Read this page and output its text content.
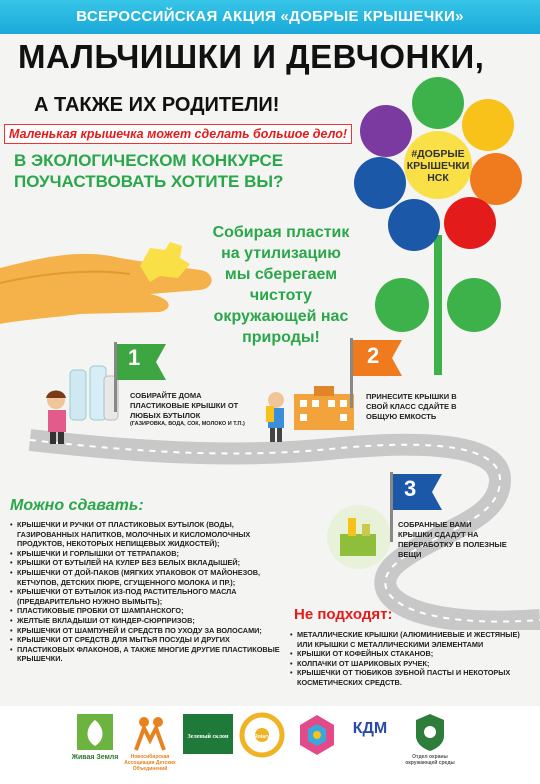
ВСЕРОССИЙСКАЯ АКЦИЯ «ДОБРЫЕ КРЫШЕЧКИ»
МАЛЬЧИШКИ И ДЕВЧОНКИ,
А ТАКЖЕ ИХ РОДИТЕЛИ!
Маленькая крышечка может сделать большое дело!
В ЭКОЛОГИЧЕСКОМ КОНКУРСЕ ПОУЧАСТВОВАТЬ ХОТИТЕ ВЫ?
Собирая пластик на утилизацию мы сберегаем чистоту окружающей нас природы!
#ДОБРЫЕ КРЫШЕЧКИ НСК
1
СОБИРАЙТЕ ДОМА ПЛАСТИКОВЫЕ КРЫШКИ ОТ ЛЮБЫХ БУТЫЛОК
(ГАЗИРОВКА, ВОДА, СОК, МОЛОКО И Т.П.)
2
ПРИНЕСИТЕ КРЫШКИ В СВОЙ КЛАСС СДАЙТЕ В ОБЩУЮ ЕМКОСТЬ
3
СОБРАННЫЕ ВАМИ КРЫШКИ СДАДУТ НА ПЕРЕРАБОТКУ В ПОЛЕЗНЫЕ ВЕЩИ
Можно сдавать:
• КРЫШЕЧКИ И РУЧКИ ОТ ПЛАСТИКОВЫХ БУТЫЛОК (ВОДЫ, ГАЗИРОВАННЫХ НАПИТКОВ, МОЛОЧНЫХ И КИСЛОМОЛОЧНЫХ ПРОДУКТОВ, НЕКОТОРЫХ НЕПИЩЕВЫХ ЖИДКОСТЕЙ);
• КРЫШЕЧКИ И ГОРЛЫШКИ ОТ ТЕТРАПАКОВ;
• КРЫШКИ ОТ БУТЫЛЕЙ НА КУЛЕР БЕЗ БЕЛЫХ ВКЛАДЫШЕЙ;
• КРЫШЕЧКИ ОТ ДОЙ-ПАКОВ (МЯГКИХ УПАКОВОК ОТ МАЙОНЕЗОВ, КЕТЧУПОВ, ДЕТСКИХ ПЮРЕ, СГУЩЕННОГО МОЛОКА И ПР.);
• КРЫШЕЧКИ ОТ БУТЫЛОК ИЗ-ПОД РАСТИТЕЛЬНОГО МАСЛА (ПРЕДВАРИТЕЛЬНО НУЖНО ВЫМЫТЬ);
• ПЛАСТИКОВЫЕ ПРОБКИ ОТ ШАМПАНСКОГО;
• ЖЕЛТЫЕ ВКЛАДЫШИ ОТ КИНДЕР-СЮРПРИЗОВ;
• КРЫШЕЧКИ ОТ ШАМПУНЕЙ И СРЕДСТВ ПО УХОДУ ЗА ВОЛОСАМИ;
• КРЫШЕЧКИ ОТ СРЕДСТВ ДЛЯ МЫТЬЯ ПОСУДЫ И ДРУГИХ
• ПЛАСТИКОВЫХ ФЛАКОНОВ, А ТАКЖЕ МНОГИЕ ДРУГИЕ ПЛАСТИКОВЫЕ КРЫШЕЧКИ.
Не подходят:
• МЕТАЛЛИЧЕСКИЕ КРЫШКИ (АЛЮМИНИЕВЫЕ И ЖЕСТЯНЫЕ) ИЛИ КРЫШКИ С МЕТАЛЛИЧЕСКИМИ ЭЛЕМЕНТАМИ
• КРЫШКИ ОТ КОФЕЙНЫХ СТАКАНОВ;
• КОЛПАЧКИ ОТ ШАРИКОВЫХ РУЧЕК;
• КРЫШЕЧКИ ОТ ТЮБИКОВ ЗУБНОЙ ПАСТЫ И НЕКОТОРЫХ КОСМЕТИЧЕСКИХ СРЕДСТВ.
Живая Земля	Новосибирская Ассоциация Детских Объединений
Зеленый склон	Rotary	КДМ
Отдел охраны окружающей среды
